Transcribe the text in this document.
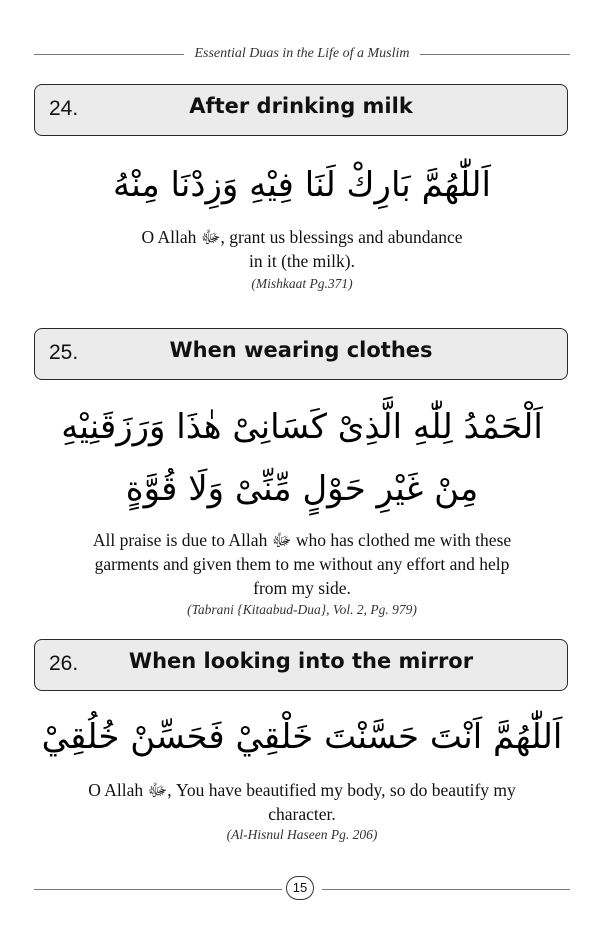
Essential Duas in the Life of a Muslim
24.	After drinking milk
اَللّٰهُمَّ بَارِكْ لَنَا فِيْهِ وَزِدْنَا مِنْهُ
O Allah ﷻ, grant us blessings and abundance
in it (the milk).
(Mishkaat Pg.371)
25.	When wearing clothes
اَلْحَمْدُ لِلّٰهِ الَّذِىْ كَسَانِىْ هٰذَا وَرَزَقَنِيْهِ
مِنْ غَيْرِ حَوْلٍ مِّنِّىْ وَلَا قُوَّةٍ
All praise is due to Allah ﷻ who has clothed me with these
garments and given them to me without any effort and help
from my side.
(Tabrani {Kitaabud-Dua}, Vol. 2, Pg. 979)
26.	When looking into the mirror
اَللّٰهُمَّ اَنْتَ حَسَّنْتَ خَلْقِيْ فَحَسِّنْ خُلُقِيْ
O Allah ﷻ, You have beautified my body, so do beautify my
character.
(Al-Hisnul Haseen Pg. 206)
15
